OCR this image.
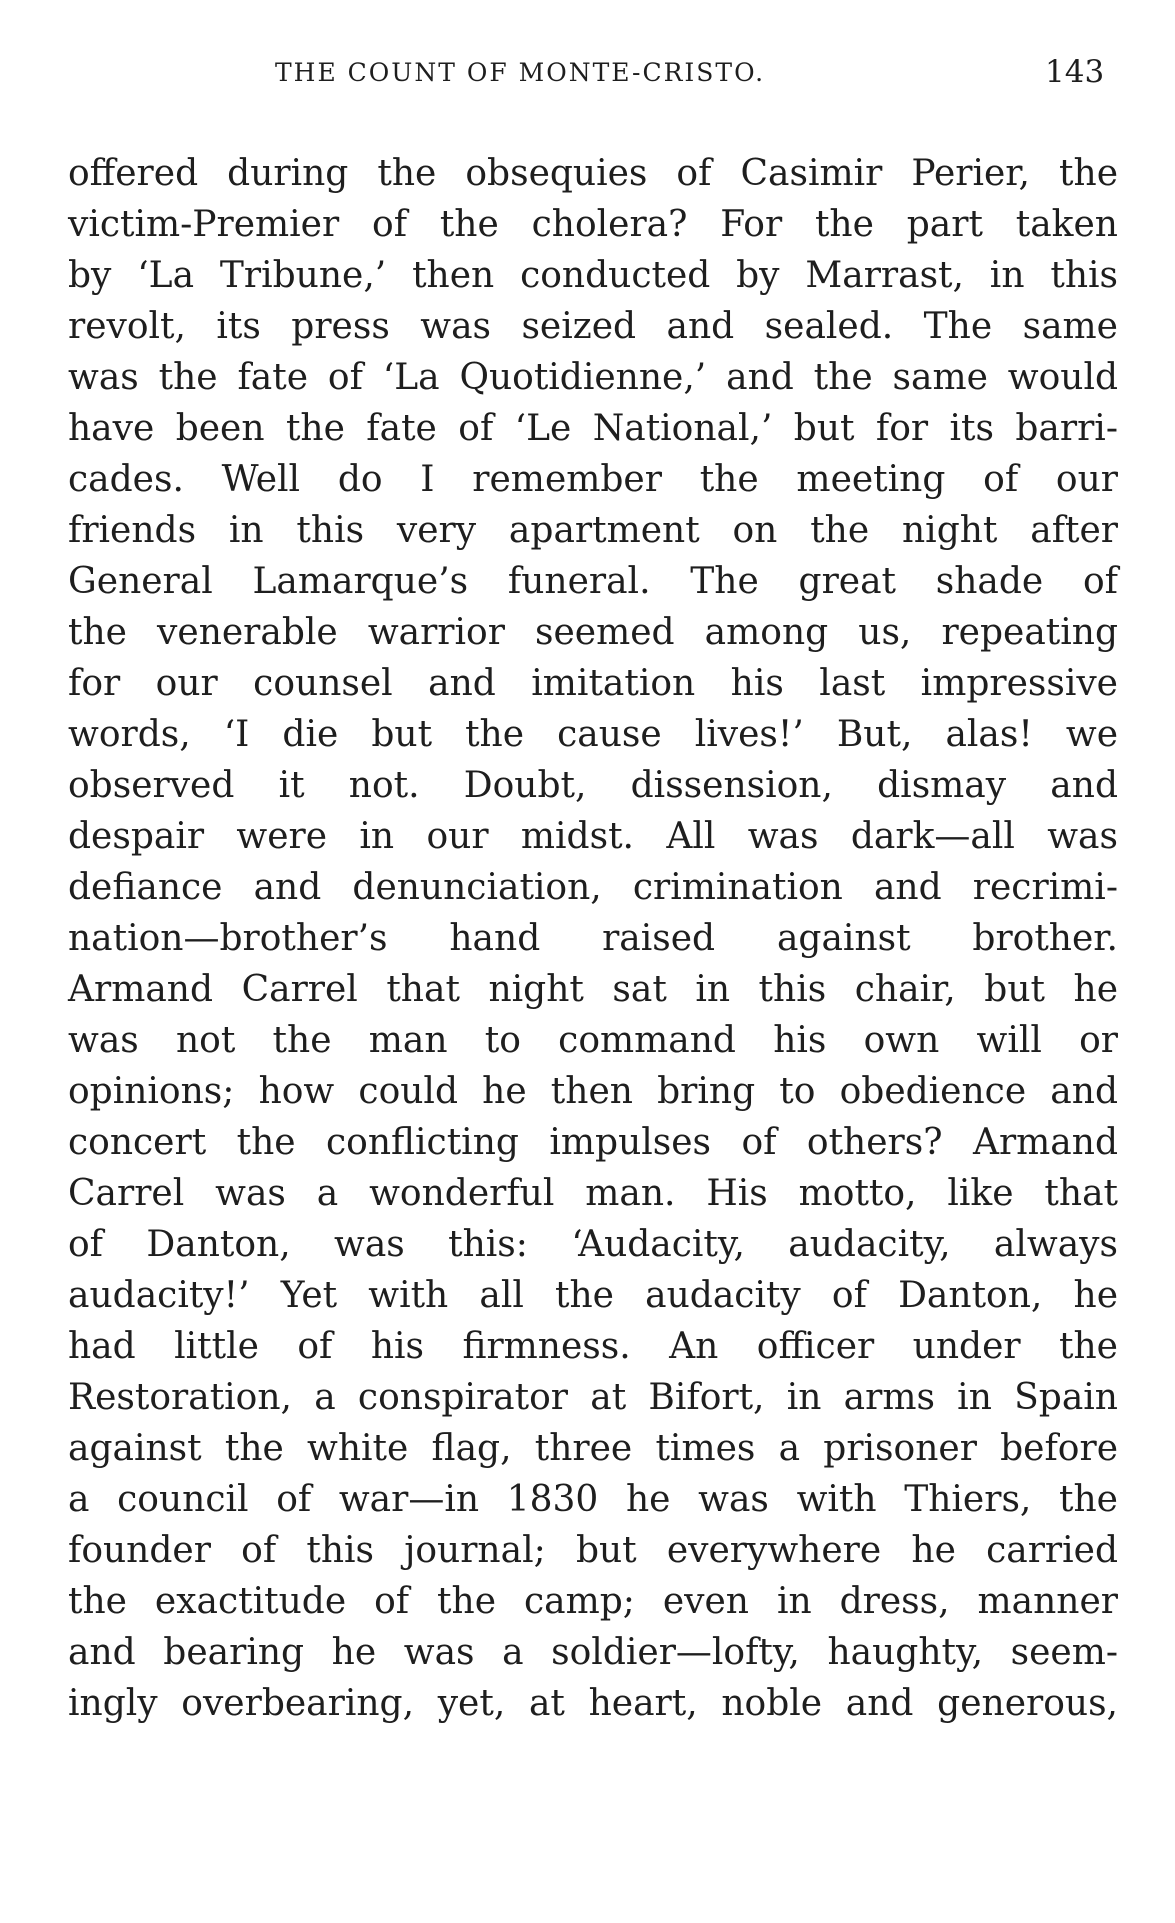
THE COUNT OF MONTE-CRISTO.	143
offered during the obsequies of Casimir Perier, the
victim-Premier of the cholera? For the part taken
by ‘La Tribune,’ then conducted by Marrast, in this
revolt, its press was seized and sealed. The same
was the fate of ‘La Quotidienne,’ and the same would
have been the fate of ‘Le National,’ but for its barri-
cades. Well do I remember the meeting of our
friends in this very apartment on the night after
General Lamarque’s funeral. The great shade of
the venerable warrior seemed among us, repeating
for our counsel and imitation his last impressive
words, ‘I die but the cause lives!’ But, alas! we
observed it not. Doubt, dissension, dismay and
despair were in our midst. All was dark—all was
defiance and denunciation, crimination and recrimi-
nation—brother’s hand raised against brother.
Armand Carrel that night sat in this chair, but he
was not the man to command his own will or
opinions; how could he then bring to obedience and
concert the conflicting impulses of others? Armand
Carrel was a wonderful man. His motto, like that
of Danton, was this: ‘Audacity, audacity, always
audacity!’ Yet with all the audacity of Danton, he
had little of his firmness. An officer under the
Restoration, a conspirator at Bifort, in arms in Spain
against the white flag, three times a prisoner before
a council of war—in 1830 he was with Thiers, the
founder of this journal; but everywhere he carried
the exactitude of the camp; even in dress, manner
and bearing he was a soldier—lofty, haughty, seem-
ingly overbearing, yet, at heart, noble and generous,
